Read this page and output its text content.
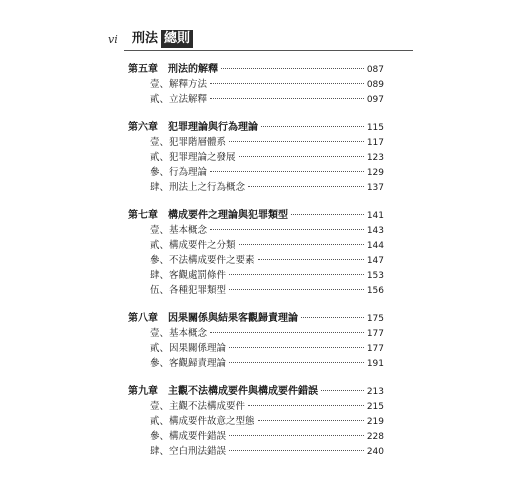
vi 刑法 總則
第五章 刑法的解釋	087
壹、解釋方法	089
貳、立法解釋	097
第六章 犯罪理論與行為理論	115
壹、犯罪階層體系	117
貳、犯罪理論之發展	123
參、行為理論	129
肆、刑法上之行為概念	137
第七章 構成要件之理論與犯罪類型	141
壹、基本概念	143
貳、構成要件之分類	144
參、不法構成要件之要素	147
肆、客觀處罰條件	153
伍、各種犯罪類型	156
第八章 因果關係與結果客觀歸責理論	175
壹、基本概念	177
貳、因果關係理論	177
參、客觀歸責理論	191
第九章 主觀不法構成要件與構成要件錯誤	213
壹、主觀不法構成要件	215
貳、構成要件故意之型態	219
參、構成要件錯誤	228
肆、空白刑法錯誤	240
